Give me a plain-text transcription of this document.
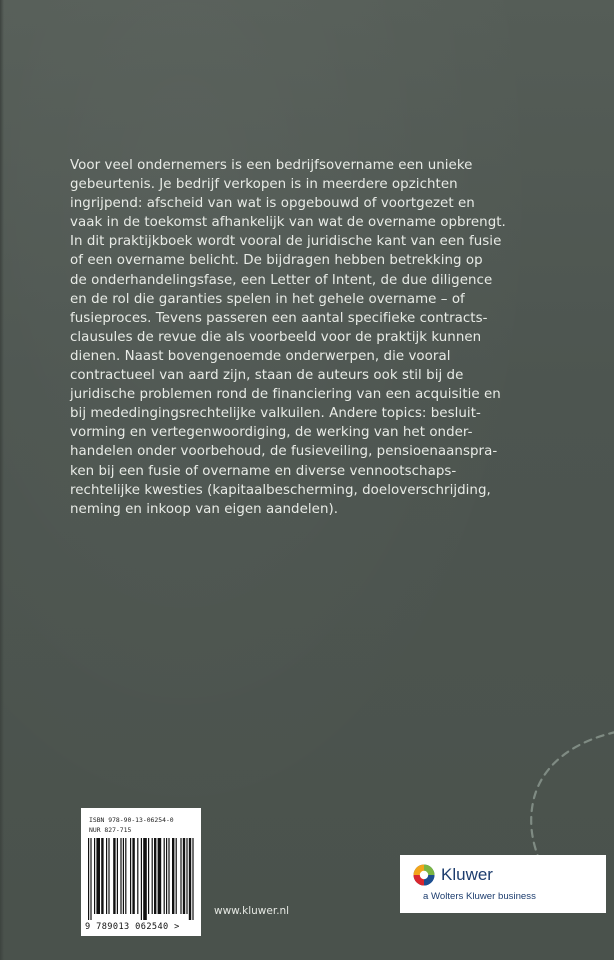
Voor veel ondernemers is een bedrijfsovername een unieke
gebeurtenis. Je bedrijf verkopen is in meerdere opzichten
ingrijpend: afscheid van wat is opgebouwd of voortgezet en
vaak in de toekomst afhankelijk van wat de overname opbrengt.
In dit praktijkboek wordt vooral de juridische kant van een fusie
of een overname belicht. De bijdragen hebben betrekking op
de onderhandelingsfase, een Letter of Intent, de due diligence
en de rol die garanties spelen in het gehele overname – of
fusieproces. Tevens passeren een aantal specifieke contracts-
clausules de revue die als voorbeeld voor de praktijk kunnen
dienen. Naast bovengenoemde onderwerpen, die vooral
contractueel van aard zijn, staan de auteurs ook stil bij de
juridische problemen rond de financiering van een acquisitie en
bij mededingingsrechtelijke valkuilen. Andere topics: besluit-
vorming en vertegenwoordiging, de werking van het onder-
handelen onder voorbehoud, de fusieveiling, pensioenaanspra-
ken bij een fusie of overname en diverse vennootschaps-
rechtelijke kwesties (kapitaalbescherming, doeloverschrijding,
neming en inkoop van eigen aandelen).

ISBN 978-90-13-06254-0
NUR 827-715
9 789013 062540 >
www.kluwer.nl
Kluwer
a Wolters Kluwer business
